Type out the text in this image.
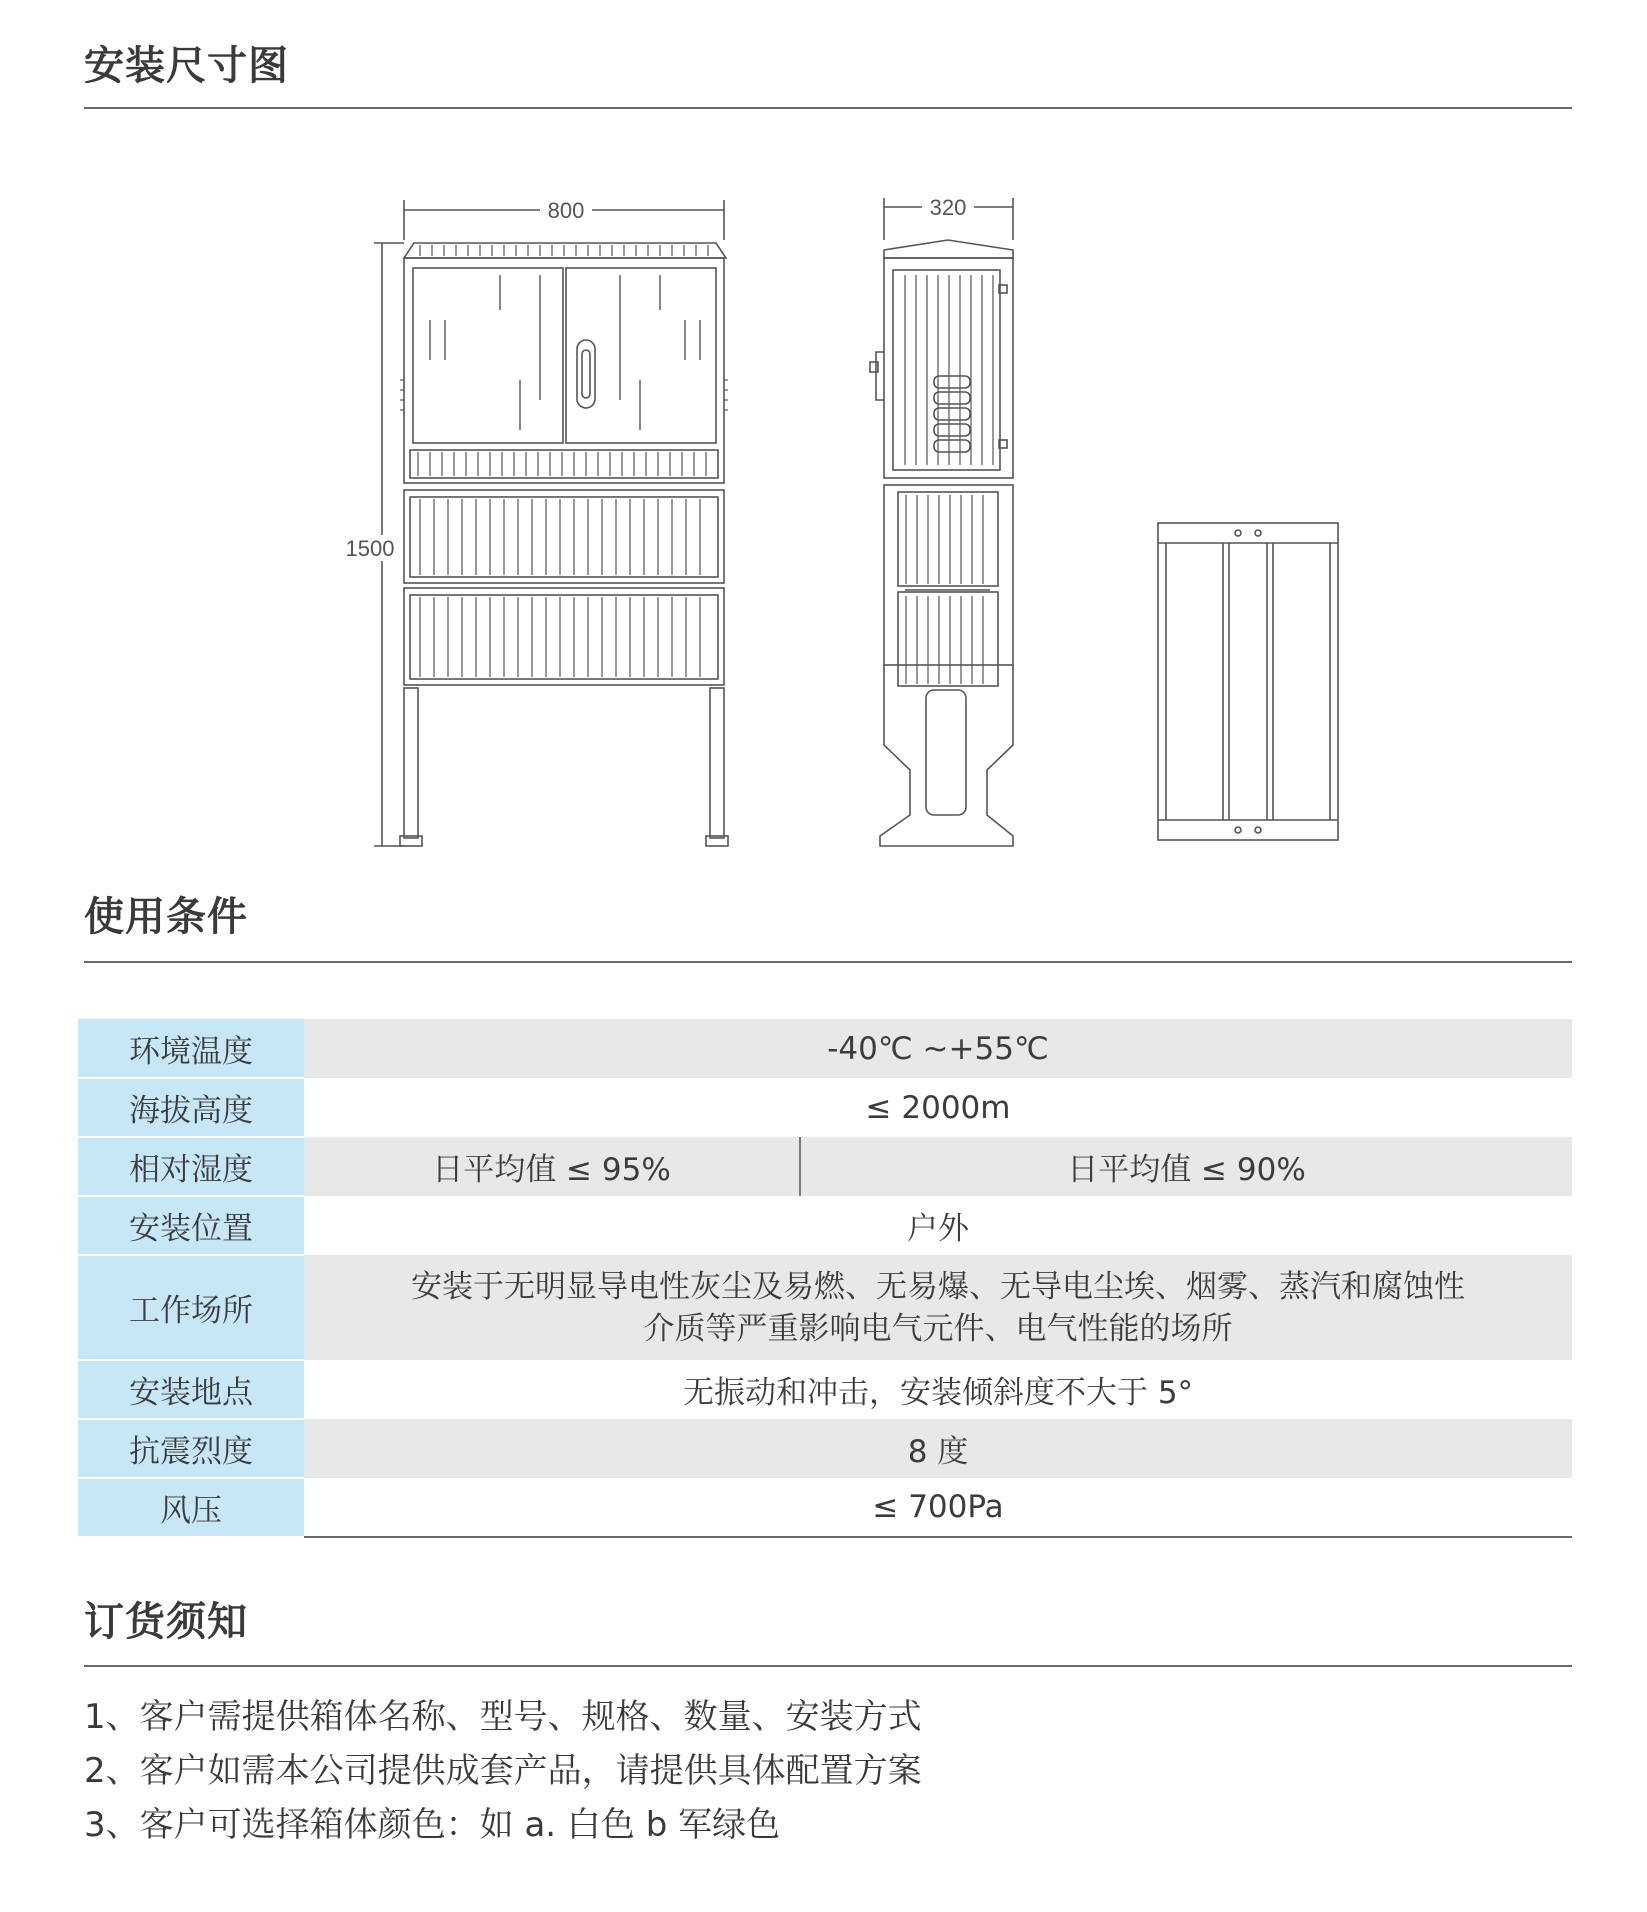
安装尺寸图
800
1500
320
使用条件
环境温度	-40℃ ~+55℃	
海拔高度	≤ 2000m	
相对湿度	日平均值 ≤ 95%	日平均值 ≤ 90%
安装位置	户外	
工作场所	安装于无明显导电性灰尘及易燃、无易爆、无导电尘埃、烟雾、蒸汽和腐蚀性
介质等严重影响电气元件、电气性能的场所	

安装地点	无振动和冲击，安装倾斜度不大于 5°	
抗震烈度	8 度	
风压	≤ 700Pa	
订货须知
1、客户需提供箱体名称、型号、规格、数量、安装方式
2、客户如需本公司提供成套产品，请提供具体配置方案
3、客户可选择箱体颜色：如 a. 白色 b 军绿色
